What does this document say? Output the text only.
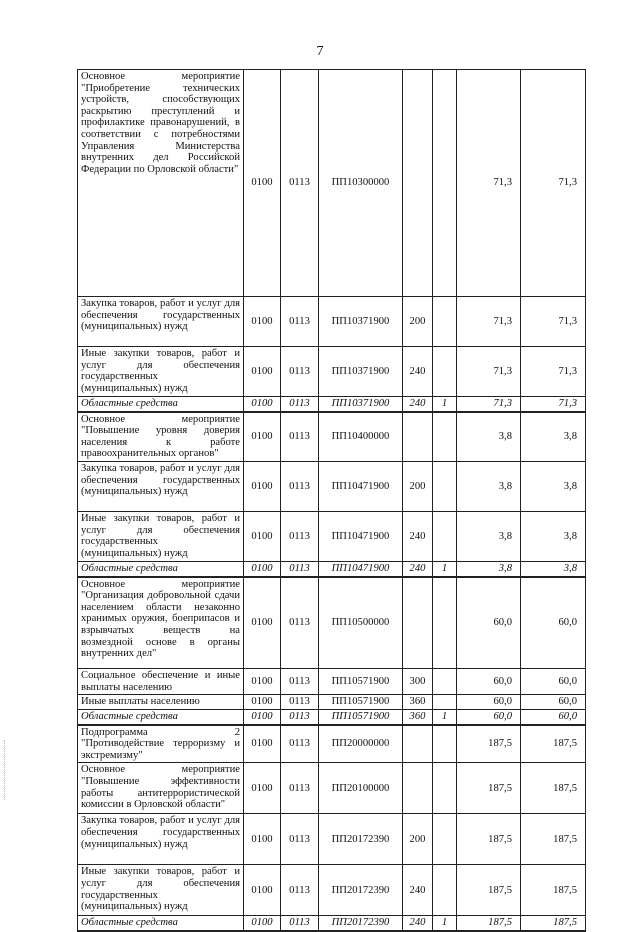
7
Основное мероприятие "Приобретение технических устройств, способствующих раскрытию преступлений и профилактике правонарушений, в соответствии с потребностями Управления Министерства внутренних дел Российской Федерации по Орловской области"	0100	0113	ПП10300000			71,3	71,3
Закупка товаров, работ и услуг для обеспечения государственных (муниципальных) нужд	0100	0113	ПП10371900	200		71,3	71,3
Иные закупки товаров, работ и услуг для обеспечения государственных (муниципальных) нужд	0100	0113	ПП10371900	240		71,3	71,3
Областные средства	0100	0113	ПП10371900	240	1	71,3	71,3
Основное мероприятие "Повышение уровня доверия населения к работе правоохранительных органов"	0100	0113	ПП10400000			3,8	3,8
Закупка товаров, работ и услуг для обеспечения государственных (муниципальных) нужд	0100	0113	ПП10471900	200		3,8	3,8
Иные закупки товаров, работ и услуг для обеспечения государственных (муниципальных) нужд	0100	0113	ПП10471900	240		3,8	3,8
Областные средства	0100	0113	ПП10471900	240	1	3,8	3,8
Основное мероприятие "Организация добровольной сдачи населением области незаконно хранимых оружия, боеприпасов и взрывчатых веществ на возмездной основе в органы внутренних дел"	0100	0113	ПП10500000			60,0	60,0
Социальное обеспечение и иные выплаты населению	0100	0113	ПП10571900	300		60,0	60,0
Иные выплаты населению	0100	0113	ПП10571900	360		60,0	60,0
Областные средства	0100	0113	ПП10571900	360	1	60,0	60,0
Подпрограмма 2 "Противодействие терроризму и экстремизму"	0100	0113	ПП20000000			187,5	187,5
Основное мероприятие "Повышение эффективности работы антитеррористической комиссии в Орловской области"	0100	0113	ПП20100000			187,5	187,5
Закупка товаров, работ и услуг для обеспечения государственных (муниципальных) нужд	0100	0113	ПП20172390	200		187,5	187,5
Иные закупки товаров, работ и услуг для обеспечения государственных (муниципальных) нужд	0100	0113	ПП20172390	240		187,5	187,5
Областные средства	0100	0113	ПП20172390	240	1	187,5	187,5
